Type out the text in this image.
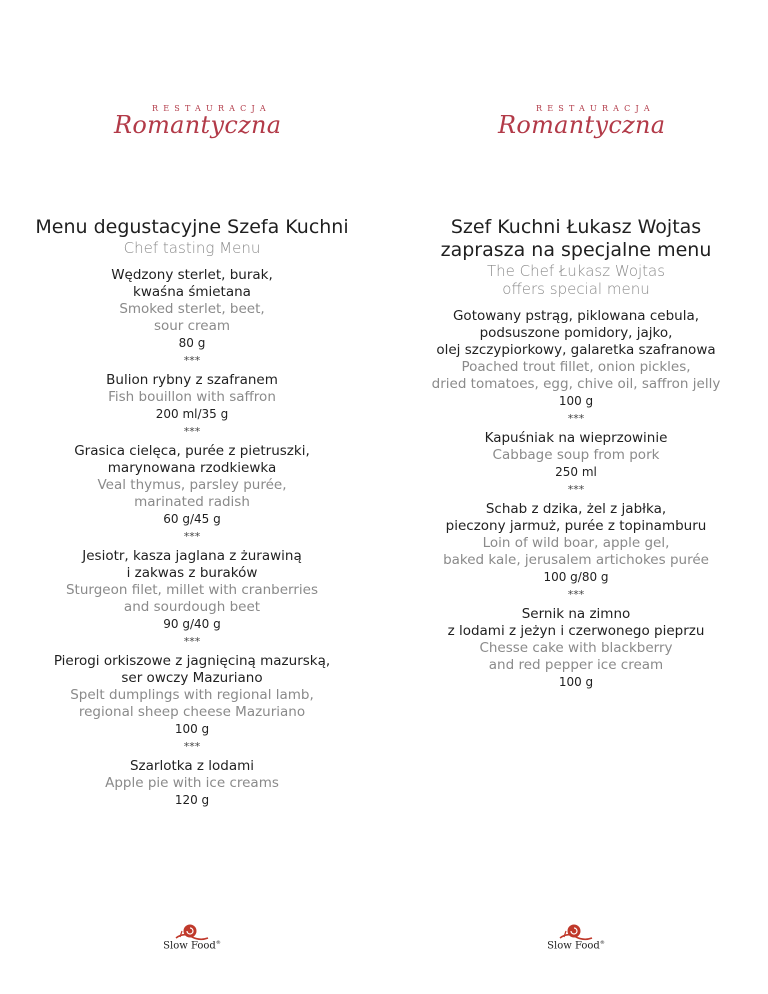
RESTAURACJA
Romantyczna
Menu degustacyjne Szefa Kuchni
Chef tasting Menu
Wędzony sterlet, burak,
kwaśna śmietana
Smoked sterlet, beet,
sour cream
80 g
***
Bulion rybny z szafranem
Fish bouillon with saffron
200 ml/35 g
***
Grasica cielęca, purée z pietruszki,
marynowana rzodkiewka
Veal thymus, parsley purée,
marinated radish
60 g/45 g
***
Jesiotr, kasza jaglana z żurawiną
i zakwas z buraków
Sturgeon filet, millet with cranberries
and sourdough beet
90 g/40 g
***
Pierogi orkiszowe z jagnięciną mazurską,
ser owczy Mazuriano
Spelt dumplings with regional lamb,
regional sheep cheese Mazuriano
100 g
***
Szarlotka z lodami
Apple pie with ice creams
120 g
Slow Food®
RESTAURACJA
Romantyczna
Szef Kuchni Łukasz Wojtas
zaprasza na specjalne menu
The Chef Łukasz Wojtas
offers special menu
Gotowany pstrąg, piklowana cebula,
podsuszone pomidory, jajko,
olej szczypiorkowy, galaretka szafranowa
Poached trout fillet, onion pickles,
dried tomatoes, egg, chive oil, saffron jelly
100 g
***
Kapuśniak na wieprzowinie
Cabbage soup from pork
250 ml
***
Schab z dzika, żel z jabłka,
pieczony jarmuż, purée z topinamburu
Loin of wild boar, apple gel,
baked kale, jerusalem artichokes purée
100 g/80 g
***
Sernik na zimno
z lodami z jeżyn i czerwonego pieprzu
Chesse cake with blackberry
and red pepper ice cream
100 g
Slow Food®
